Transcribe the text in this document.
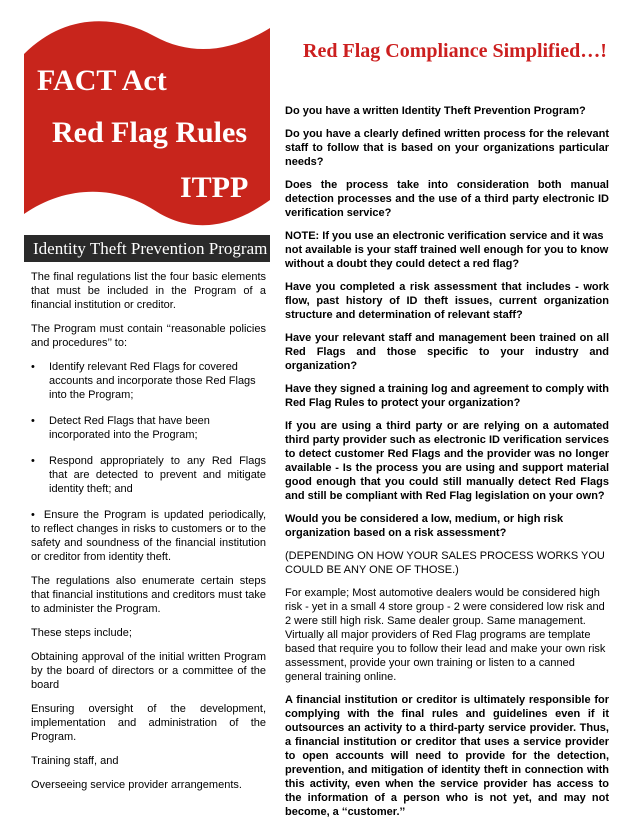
FACT Act
Red Flag Rules
ITPP
Identity Theft Prevention Program
Red Flag Compliance Simplified…!

The final regulations list the four basic elements that must be included in the Program of a financial institution or creditor.

The Program must contain ‘‘reasonable policies and procedures’’ to:

• Identify relevant Red Flags for covered accounts and incorporate those Red Flags into the Program;

• Detect Red Flags that have been incorporated into the Program;

• Respond appropriately to any Red Flags that are detected to prevent and mitigate identity theft; and

• Ensure the Program is updated periodically, to reflect changes in risks to customers or to the safety and soundness of the financial institution or creditor from identity theft.

The regulations also enumerate certain steps that financial institutions and creditors must take to administer the Program.

These steps include;

Obtaining approval of the initial written Program by the board of directors or a committee of the board

Ensuring oversight of the development, implementation and administration of the Program.

Training staff, and

Overseeing service provider arrangements.

Do you have a written Identity Theft Prevention Program?

Do you have a clearly defined written process for the relevant staff to follow that is based on your organizations particular needs?

Does the process take into consideration both manual detection processes and the use of a third party electronic ID verification service?

NOTE: If you use an electronic verification service and it was not available is your staff trained well enough for you to know without a doubt they could detect a red flag?

Have you completed a risk assessment that includes - work flow, past history of ID theft issues, current organization structure and determination of relevant staff?

Have your relevant staff and management been trained on all Red Flags and those specific to your industry and organization?

Have they signed a training log and agreement to comply with Red Flag Rules to protect your organization?

If you are using a third party or are relying on a automated third party provider such as electronic ID verification services to detect customer Red Flags and the provider was no longer available - Is the process you are using and support material good enough that you could still manually detect Red Flags and still be compliant with Red Flag legislation on your own?

Would you be considered a low, medium, or high risk organization based on a risk assessment?

(DEPENDING ON HOW YOUR SALES PROCESS WORKS YOU COULD BE ANY ONE OF THOSE.)

For example; Most automotive dealers would be considered high risk - yet in a small 4 store group - 2 were considered low risk and 2 were still high risk. Same dealer group. Same management. Virtually all major providers of Red Flag programs are template based that require you to follow their lead and make your own risk assessment, provide your own training or listen to a canned general training online.

A financial institution or creditor is ultimately responsible for complying with the final rules and guidelines even if it outsources an activity to a third-party service provider. Thus, a financial institution or creditor that uses a service provider to open accounts will need to provide for the detection, prevention, and mitigation of identity theft in connection with this activity, even when the service provider has access to the information of a person who is not yet, and may not become, a ‘‘customer.’’
